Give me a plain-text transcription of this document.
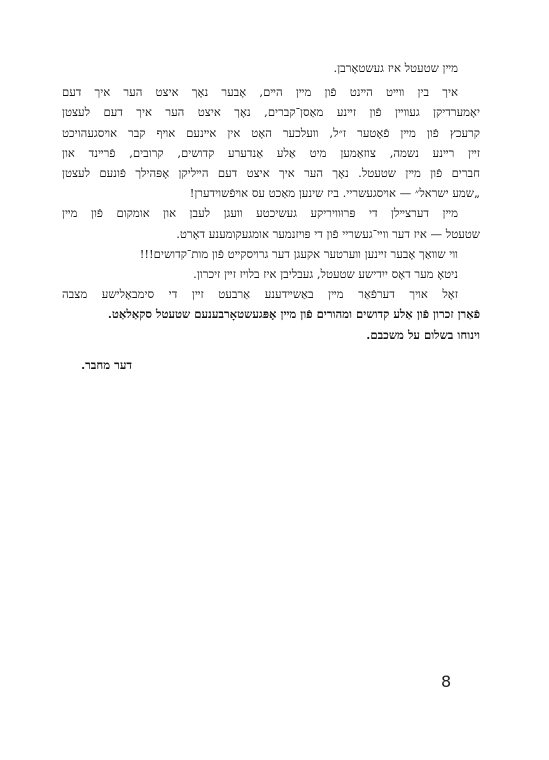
מײן שטעטל איז געשטאָרבן.
איך בין װײט הײנט פֿון מײן הײם, אָבער נאָך איצט הער איך דעם
יאָמערדיקן געװײן פֿון זײנע מאַסן־קברים, נאָך איצט הער איך דעם לעצטן
קרעכץ פֿון מײן פֿאָטער ז״ל, װעלכער האָט אין אײנעם אױף קבר אױסגעהויכט
זײן רײנע נשמה, צוזאַמען מיט אַלע אַנדערע קדושים, קרובים, פֿרײנד און
חברים פֿון מײן שטעטל. נאָך הער איך איצט דעם הײליקן אָפּהילך פֿונעם לעצטן
„שמע ישראל״ — אױסגעשריי. ביז שינען מאַכט עס אױפֿשוידערן!
מײן דערצײלן די פּרוּװיריקע געשיכטע װעגן לעבן און אומקום פֿון מײן
שטעטל — איז דער װײ־געשריי פֿון די פּױזנמער אומגעקומענע דאָרט.
װי שװאַך אָבער זײנען װערטער אקעגן דער גרױסקײט פֿון מות־קדושים!!!
ניטאָ מער דאָס ייִדישע שטעטל, געבליבן איז בלױז זײן זיכרון.
זאָל אױך דערפֿאַר מײן באַשײדענע אַרבעט זײן די סימבאָלישע מצבה
פֿאַרן זכרון פֿון אַלע קדושים ומהורים פֿון מײן אָפּגעשטאָרבענעם שטעטל סקאַלאַט.
וינוחו בשלום על משכבם.
דער מחבר.
8
